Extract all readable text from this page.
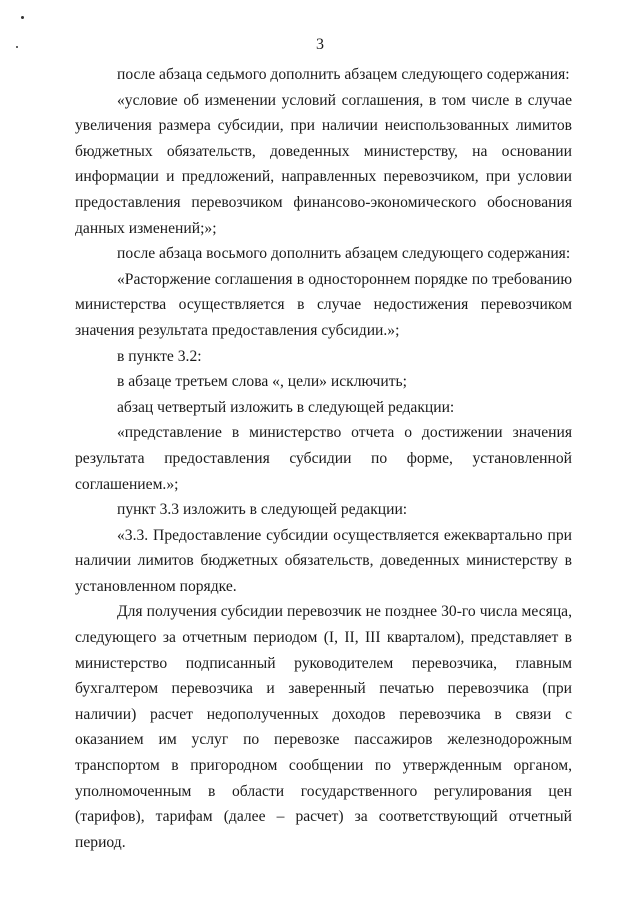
3

после абзаца седьмого дополнить абзацем следующего содержания:

«условие об изменении условий соглашения, в том числе в случае увеличения размера субсидии, при наличии неиспользованных лимитов бюджетных обязательств, доведенных министерству, на основании информации и предложений, направленных перевозчиком, при условии предоставления перевозчиком финансово-экономического обоснования данных изменений;»;

после абзаца восьмого дополнить абзацем следующего содержания:

«Расторжение соглашения в одностороннем порядке по требованию министерства осуществляется в случае недостижения перевозчиком значения результата предоставления субсидии.»;

в пункте 3.2:

в абзаце третьем слова «, цели» исключить;

абзац четвертый изложить в следующей редакции:

«представление в министерство отчета о достижении значения результата предоставления субсидии по форме, установленной соглашением.»;

пункт 3.3 изложить в следующей редакции:

«3.3. Предоставление субсидии осуществляется ежеквартально при наличии лимитов бюджетных обязательств, доведенных министерству в установленном порядке.

Для получения субсидии перевозчик не позднее 30-го числа месяца, следующего за отчетным периодом (I, II, III кварталом), представляет в министерство подписанный руководителем перевозчика, главным бухгалтером перевозчика и заверенный печатью перевозчика (при наличии) расчет недополученных доходов перевозчика в связи с оказанием им услуг по перевозке пассажиров железнодорожным транспортом в пригородном сообщении по утвержденным органом, уполномоченным в области государственного регулирования цен (тарифов), тарифам (далее – расчет) за соответствующий отчетный период.
